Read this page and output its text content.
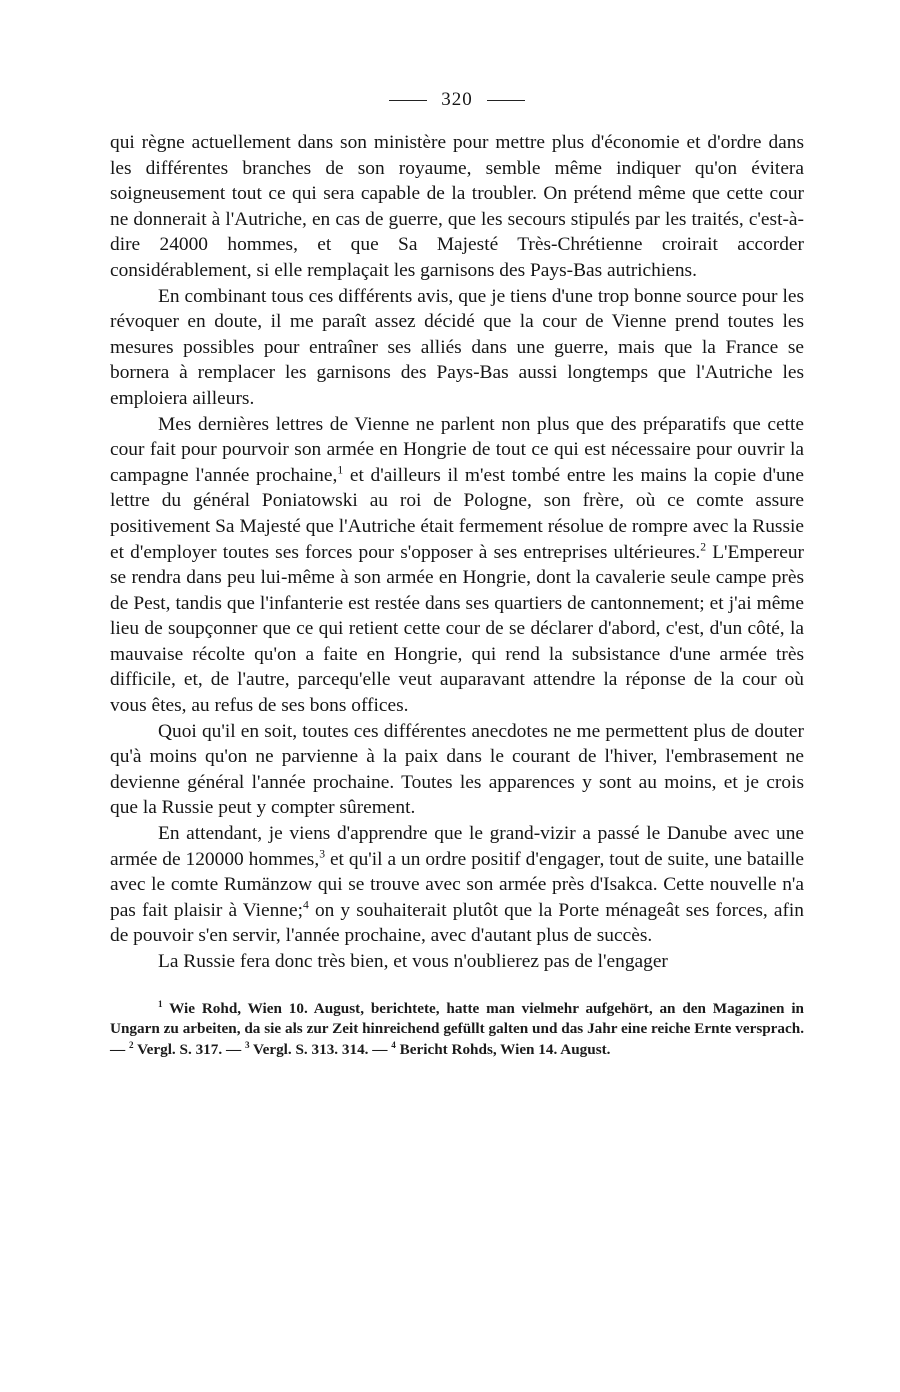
320

qui règne actuellement dans son ministère pour mettre plus d'économie et d'ordre dans les différentes branches de son royaume, semble même indiquer qu'on évitera soigneusement tout ce qui sera capable de la troubler. On prétend même que cette cour ne donnerait à l'Autriche, en cas de guerre, que les secours stipulés par les traités, c'est-à-dire 24000 hommes, et que Sa Majesté Très-Chrétienne croirait accorder considérablement, si elle remplaçait les garnisons des Pays-Bas autrichiens.

En combinant tous ces différents avis, que je tiens d'une trop bonne source pour les révoquer en doute, il me paraît assez décidé que la cour de Vienne prend toutes les mesures possibles pour entraîner ses alliés dans une guerre, mais que la France se bornera à remplacer les garnisons des Pays-Bas aussi longtemps que l'Autriche les emploiera ailleurs.

Mes dernières lettres de Vienne ne parlent non plus que des préparatifs que cette cour fait pour pourvoir son armée en Hongrie de tout ce qui est nécessaire pour ouvrir la campagne l'année prochaine,$^1$ et d'ailleurs il m'est tombé entre les mains la copie d'une lettre du général Poniatowski au roi de Pologne, son frère, où ce comte assure positivement Sa Majesté que l'Autriche était fermement résolue de rompre avec la Russie et d'employer toutes ses forces pour s'opposer à ses entreprises ultérieures.$^2$ L'Empereur se rendra dans peu lui-même à son armée en Hongrie, dont la cavalerie seule campe près de Pest, tandis que l'infanterie est restée dans ses quartiers de cantonnement; et j'ai même lieu de soupçonner que ce qui retient cette cour de se déclarer d'abord, c'est, d'un côté, la mauvaise récolte qu'on a faite en Hongrie, qui rend la subsistance d'une armée très difficile, et, de l'autre, parcequ'elle veut auparavant attendre la réponse de la cour où vous êtes, au refus de ses bons offices.

Quoi qu'il en soit, toutes ces différentes anecdotes ne me permettent plus de douter qu'à moins qu'on ne parvienne à la paix dans le courant de l'hiver, l'embrasement ne devienne général l'année prochaine. Toutes les apparences y sont au moins, et je crois que la Russie peut y compter sûrement.

En attendant, je viens d'apprendre que le grand-vizir a passé le Danube avec une armée de 120000 hommes,$^3$ et qu'il a un ordre positif d'engager, tout de suite, une bataille avec le comte Rumänzow qui se trouve avec son armée près d'Isakca. Cette nouvelle n'a pas fait plaisir à Vienne;$^4$ on y souhaiterait plutôt que la Porte ménageât ses forces, afin de pouvoir s'en servir, l'année prochaine, avec d'autant plus de succès.

La Russie fera donc très bien, et vous n'oublierez pas de l'engager

$^1$ Wie Rohd, Wien 10. August, berichtete, hatte man vielmehr aufgehört, an den Magazinen in Ungarn zu arbeiten, da sie als zur Zeit hinreichend gefüllt galten und das Jahr eine reiche Ernte versprach. — $^2$ Vergl. S. 317. — $^3$ Vergl. S. 313. 314. — $^4$ Bericht Rohds, Wien 14. August.
